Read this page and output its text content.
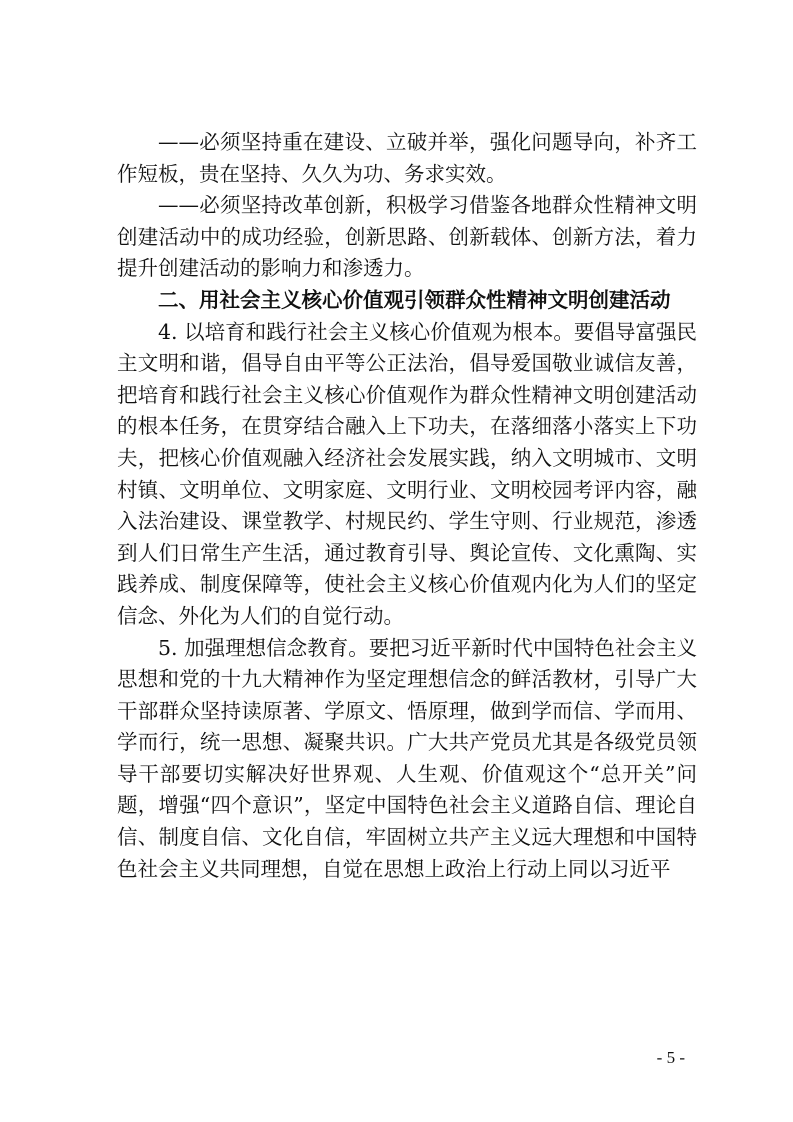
——必须坚持重在建设、立破并举，强化问题导向，补齐工作短板，贵在坚持、久久为功、务求实效。

——必须坚持改革创新，积极学习借鉴各地群众性精神文明创建活动中的成功经验，创新思路、创新载体、创新方法，着力提升创建活动的影响力和渗透力。

二、用社会主义核心价值观引领群众性精神文明创建活动

4. 以培育和践行社会主义核心价值观为根本。要倡导富强民主文明和谐，倡导自由平等公正法治，倡导爱国敬业诚信友善，把培育和践行社会主义核心价值观作为群众性精神文明创建活动的根本任务，在贯穿结合融入上下功夫，在落细落小落实上下功夫，把核心价值观融入经济社会发展实践，纳入文明城市、文明村镇、文明单位、文明家庭、文明行业、文明校园考评内容，融入法治建设、课堂教学、村规民约、学生守则、行业规范，渗透到人们日常生产生活，通过教育引导、舆论宣传、文化熏陶、实践养成、制度保障等，使社会主义核心价值观内化为人们的坚定信念、外化为人们的自觉行动。

5. 加强理想信念教育。要把习近平新时代中国特色社会主义思想和党的十九大精神作为坚定理想信念的鲜活教材，引导广大干部群众坚持读原著、学原文、悟原理，做到学而信、学而用、学而行，统一思想、凝聚共识。广大共产党员尤其是各级党员领导干部要切实解决好世界观、人生观、价值观这个“总开关”问题，增强“四个意识”，坚定中国特色社会主义道路自信、理论自信、制度自信、文化自信，牢固树立共产主义远大理想和中国特色社会主义共同理想，自觉在思想上政治上行动上同以习近平

- 5 -
